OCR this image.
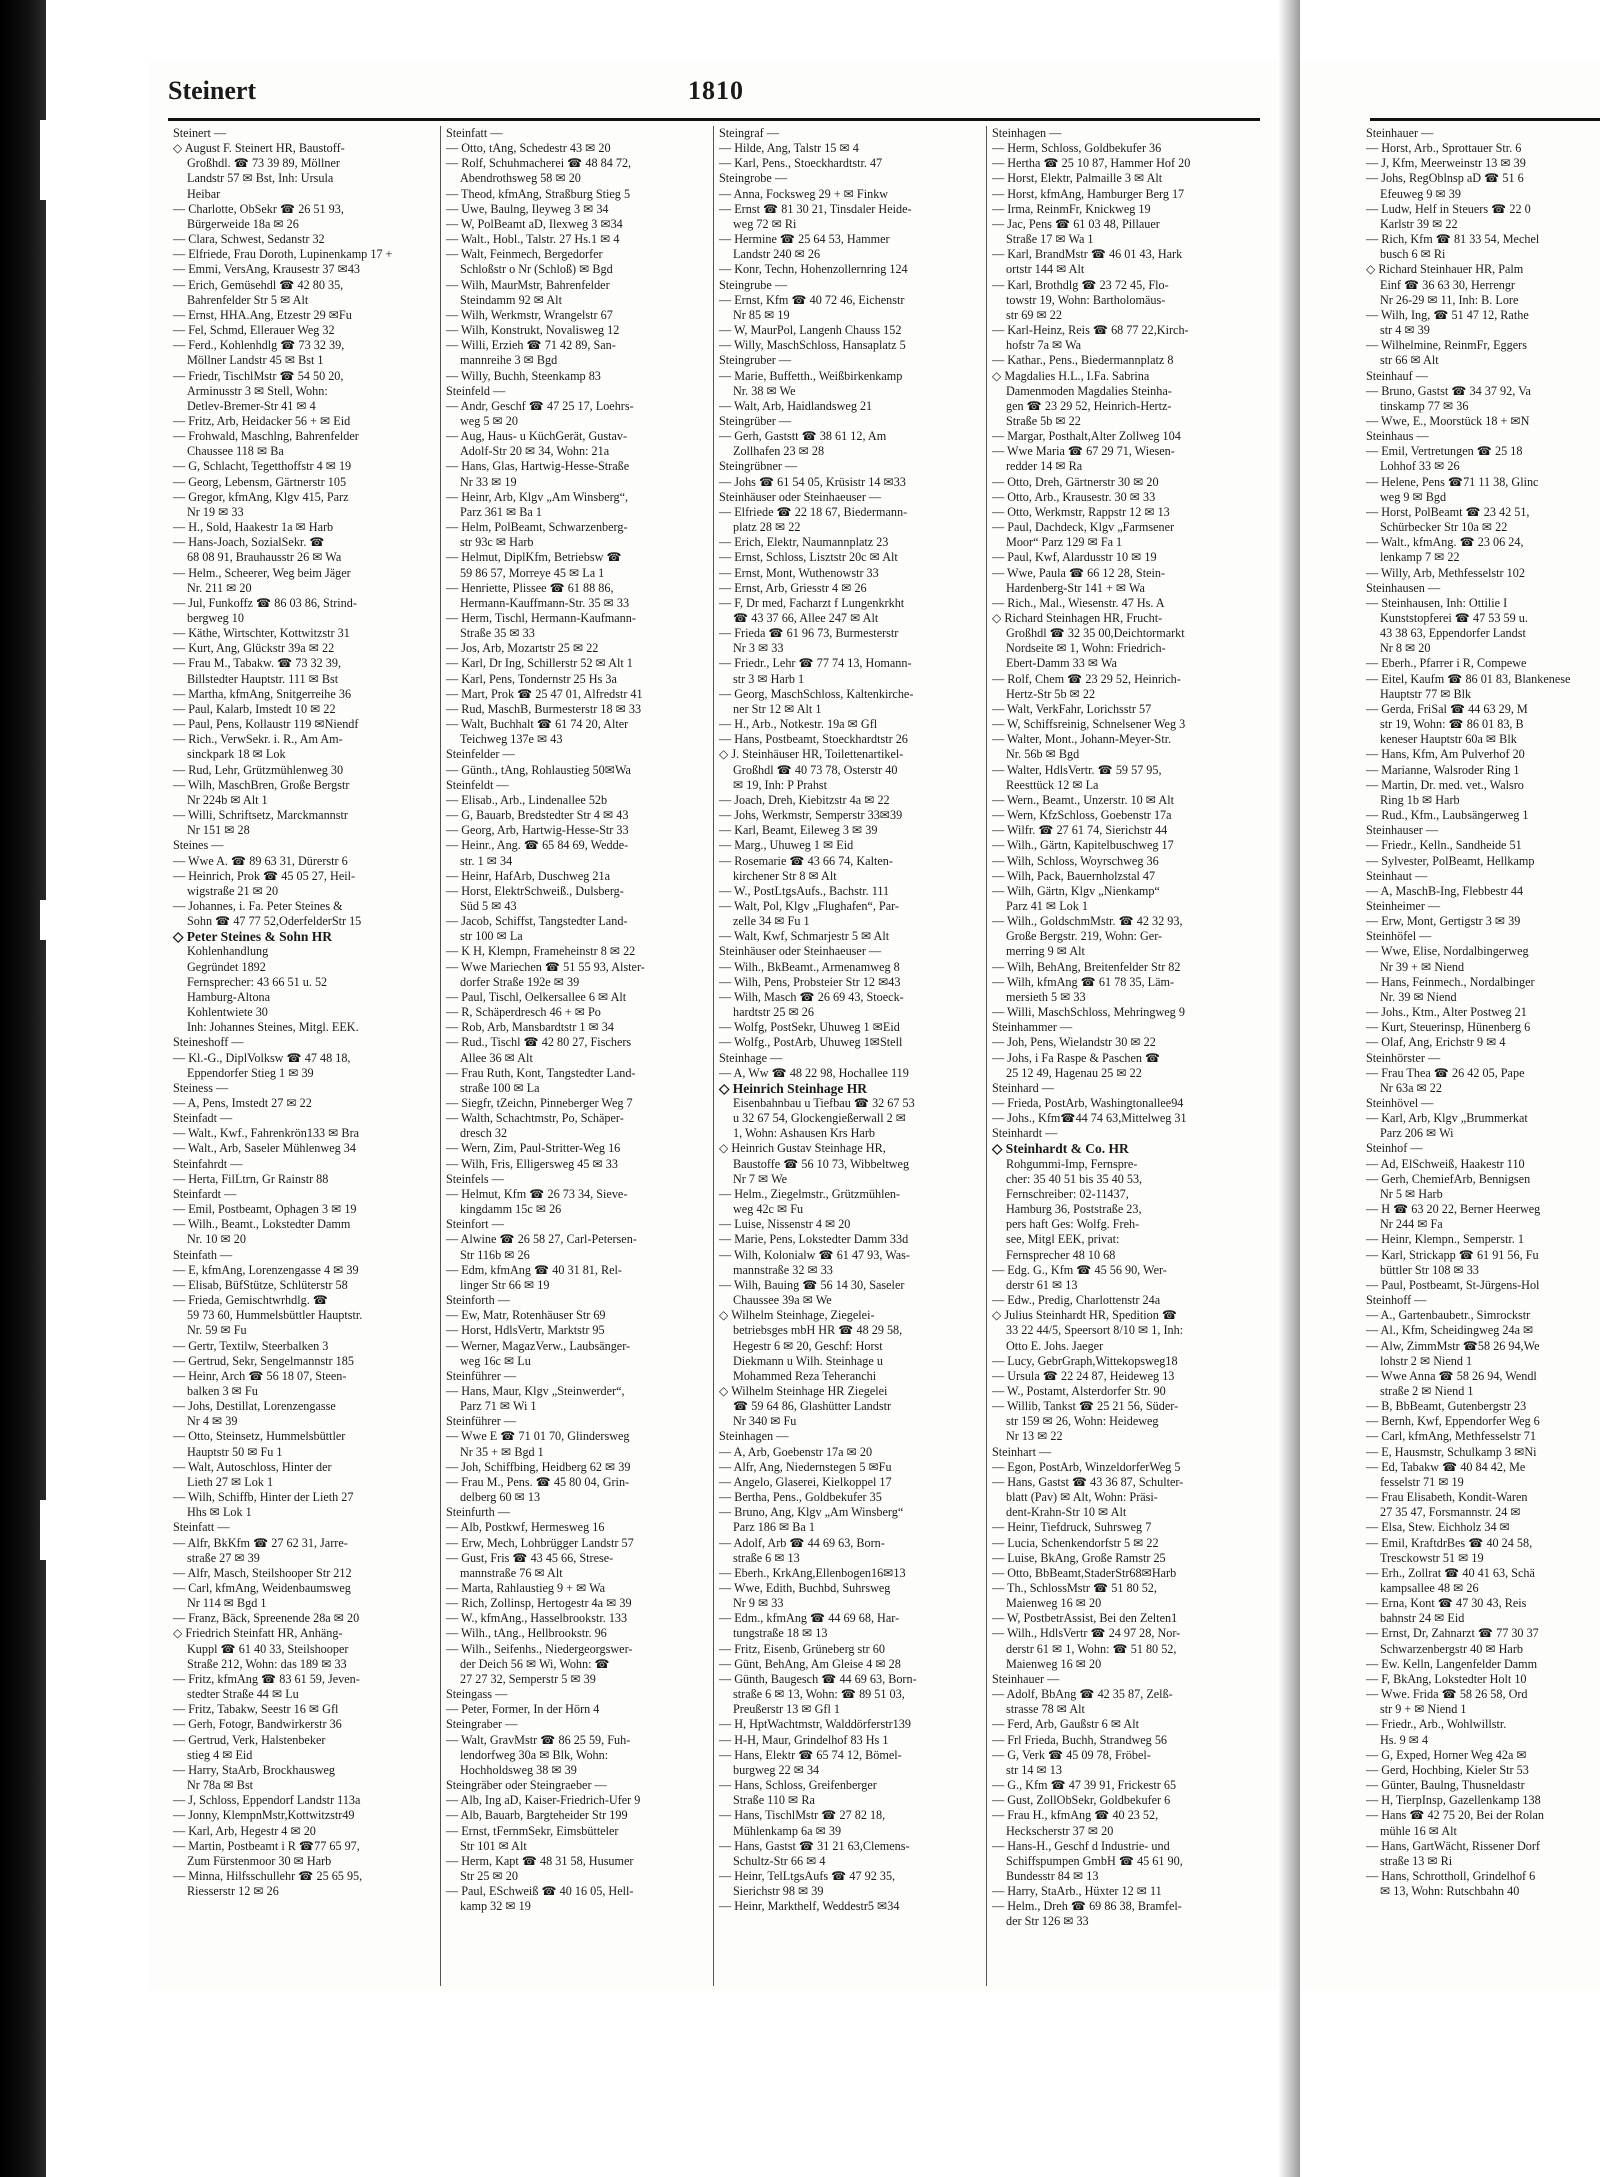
Steinert	1810
Steinert —
◇ August F. Steinert HR, Baustoff-
Großhdl. ☎ 73 39 89, Möllner
Landstr 57 ✉ Bst, Inh: Ursula
Heibar
— Charlotte, ObSekr ☎ 26 51 93,
Bürgerweide 18a ✉ 26
— Clara, Schwest, Sedanstr 32
— Elfriede, Frau Doroth, Lupinenkamp 17 +
— Emmi, VersAng, Krausestr 37 ✉43
— Erich, Gemüsehdl ☎ 42 80 35,
Bahrenfelder Str 5 ✉ Alt
— Ernst, HHA.Ang, Etzestr 29 ✉Fu
— Fel, Schmd, Ellerauer Weg 32
— Ferd., Kohlenhdlg ☎ 73 32 39,
Möllner Landstr 45 ✉ Bst 1
— Friedr, TischlMstr ☎ 54 50 20,
Arminusstr 3 ✉ Stell, Wohn:
Detlev-Bremer-Str 41 ✉ 4
— Fritz, Arb, Heidacker 56 + ✉ Eid
— Frohwald, Maschlng, Bahrenfelder
Chaussee 118 ✉ Ba
— G, Schlacht, Tegetthoffstr 4 ✉ 19
— Georg, Lebensm, Gärtnerstr 105
— Gregor, kfmAng, Klgv 415, Parz
Nr 19 ✉ 33
— H., Sold, Haakestr 1a ✉ Harb
— Hans-Joach, SozialSekr. ☎
68 08 91, Brauhausstr 26 ✉ Wa
— Helm., Scheerer, Weg beim Jäger
Nr. 211 ✉ 20
— Jul, Funkoffz ☎ 86 03 86, Strind-
bergweg 10
— Käthe, Wirtschter, Kottwitzstr 31
— Kurt, Ang, Glückstr 39a ✉ 22
— Frau M., Tabakw. ☎ 73 32 39,
Billstedter Hauptstr. 111 ✉ Bst
— Martha, kfmAng, Snitgerreihe 36
— Paul, Kalarb, Imstedt 10 ✉ 22
— Paul, Pens, Kollaustr 119 ✉Niendf
— Rich., VerwSekr. i. R., Am Am-
sinckpark 18 ✉ Lok
— Rud, Lehr, Grützmühlenweg 30
— Wilh, MaschBren, Große Bergstr
Nr 224b ✉ Alt 1
— Willi, Schriftsetz, Marckmannstr
Nr 151 ✉ 28
Steines —
— Wwe A. ☎ 89 63 31, Dürerstr 6
— Heinrich, Prok ☎ 45 05 27, Heil-
wigstraße 21 ✉ 20
— Johannes, i. Fa. Peter Steines &
Sohn ☎ 47 77 52,OderfelderStr 15
◇ Peter Steines & Sohn HR
Kohlenhandlung
Gegründet 1892
Fernsprecher: 43 66 51 u. 52
Hamburg-Altona
Kohlentwiete 30
Inh: Johannes Steines, Mitgl. EEK.
Steineshoff —
— Kl.-G., DiplVolksw ☎ 47 48 18,
Eppendorfer Stieg 1 ✉ 39
Steiness —
— A, Pens, Imstedt 27 ✉ 22
Steinfadt —
— Walt., Kwf., Fahrenkrön133 ✉ Bra
— Walt., Arb, Saseler Mühlenweg 34
Steinfahrdt —
— Herta, FilLtrn, Gr Rainstr 88
Steinfardt —
— Emil, Postbeamt, Ophagen 3 ✉ 19
— Wilh., Beamt., Lokstedter Damm
Nr. 10 ✉ 20
Steinfath —
— E, kfmAng, Lorenzengasse 4 ✉ 39
— Elisab, BüfStütze, Schlüterstr 58
— Frieda, Gemischtwrhdlg. ☎
59 73 60, Hummelsbüttler Hauptstr.
Nr. 59 ✉ Fu
— Gertr, Textilw, Steerbalken 3
— Gertrud, Sekr, Sengelmannstr 185
— Heinr, Arch ☎ 56 18 07, Steen-
balken 3 ✉ Fu
— Johs, Destillat, Lorenzengasse
Nr 4 ✉ 39
— Otto, Steinsetz, Hummelsbüttler
Hauptstr 50 ✉ Fu 1
— Walt, Autoschloss, Hinter der
Lieth 27 ✉ Lok 1
— Wilh, Schiffb, Hinter der Lieth 27
Hhs ✉ Lok 1
Steinfatt —
— Alfr, BkKfm ☎ 27 62 31, Jarre-
straße 27 ✉ 39
— Alfr, Masch, Steilshooper Str 212
— Carl, kfmAng, Weidenbaumsweg
Nr 114 ✉ Bgd 1
— Franz, Bäck, Spreenende 28a ✉ 20
◇ Friedrich Steinfatt HR, Anhäng-
Kuppl ☎ 61 40 33, Steilshooper
Straße 212, Wohn: das 189 ✉ 33
— Fritz, kfmAng ☎ 83 61 59, Jeven-
stedter Straße 44 ✉ Lu
— Fritz, Tabakw, Seestr 16 ✉ Gfl
— Gerh, Fotogr, Bandwirkerstr 36
— Gertrud, Verk, Halstenbeker
stieg 4 ✉ Eid
— Harry, StaArb, Brockhausweg
Nr 78a ✉ Bst
— J, Schloss, Eppendorf Landstr 113a
— Jonny, KlempnMstr,Kottwitzstr49
— Karl, Arb, Hegestr 4 ✉ 20
— Martin, Postbeamt i R ☎77 65 97,
Zum Fürstenmoor 30 ✉ Harb
— Minna, Hilfsschullehr ☎ 25 65 95,
Riesserstr 12 ✉ 26
Steinfatt —
— Otto, tAng, Schedestr 43 ✉ 20
— Rolf, Schuhmacherei ☎ 48 84 72,
Abendrothsweg 58 ✉ 20
— Theod, kfmAng, Straßburg Stieg 5
— Uwe, Baulng, Ileyweg 3 ✉ 34
— W, PolBeamt aD, Ilexweg 3 ✉34
— Walt., Hobl., Talstr. 27 Hs.1 ✉ 4
— Walt, Feinmech, Bergedorfer
Schloßstr o Nr (Schloß) ✉ Bgd
— Wilh, MaurMstr, Bahrenfelder
Steindamm 92 ✉ Alt
— Wilh, Werkmstr, Wrangelstr 67
— Wilh, Konstrukt, Novalisweg 12
— Willi, Erzieh ☎ 71 42 89, San-
mannreihe 3 ✉ Bgd
— Willy, Buchh, Steenkamp 83
Steinfeld —
— Andr, Geschf ☎ 47 25 17, Loehrs-
weg 5 ✉ 20
— Aug, Haus- u KüchGerät, Gustav-
Adolf-Str 20 ✉ 34, Wohn: 21a
— Hans, Glas, Hartwig-Hesse-Straße
Nr 33 ✉ 19
— Heinr, Arb, Klgv „Am Winsberg“,
Parz 361 ✉ Ba 1
— Helm, PolBeamt, Schwarzenberg-
str 93c ✉ Harb
— Helmut, DiplKfm, Betriebsw ☎
59 86 57, Morreye 45 ✉ La 1
— Henriette, Plissee ☎ 61 88 86,
Hermann-Kauffmann-Str. 35 ✉ 33
— Herm, Tischl, Hermann-Kaufmann-
Straße 35 ✉ 33
— Jos, Arb, Mozartstr 25 ✉ 22
— Karl, Dr Ing, Schillerstr 52 ✉ Alt 1
— Karl, Pens, Tondernstr 25 Hs 3a
— Mart, Prok ☎ 25 47 01, Alfredstr 41
— Rud, MaschB, Burmesterstr 18 ✉ 33
— Walt, Buchhalt ☎ 61 74 20, Alter
Teichweg 137e ✉ 43
Steinfelder —
— Günth., tAng, Rohlaustieg 50✉Wa
Steinfeldt —
— Elisab., Arb., Lindenallee 52b
— G, Bauarb, Bredstedter Str 4 ✉ 43
— Georg, Arb, Hartwig-Hesse-Str 33
— Heinr., Ang. ☎ 65 84 69, Wedde-
str. 1 ✉ 34
— Heinr, HafArb, Duschweg 21a
— Horst, ElektrSchweiß., Dulsberg-
Süd 5 ✉ 43
— Jacob, Schiffst, Tangstedter Land-
str 100 ✉ La
— K H, Klempn, Frameheinstr 8 ✉ 22
— Wwe Mariechen ☎ 51 55 93, Alster-
dorfer Straße 192e ✉ 39
— Paul, Tischl, Oelkersallee 6 ✉ Alt
— R, Schäperdresch 46 + ✉ Po
— Rob, Arb, Mansbardtstr 1 ✉ 34
— Rud., Tischl ☎ 42 80 27, Fischers
Allee 36 ✉ Alt
— Frau Ruth, Kont, Tangstedter Land-
straße 100 ✉ La
— Siegfr, tZeichn, Pinneberger Weg 7
— Walth, Schachtmstr, Po, Schäper-
dresch 32
— Wern, Zim, Paul-Stritter-Weg 16
— Wilh, Fris, Elligersweg 45 ✉ 33
Steinfels —
— Helmut, Kfm ☎ 26 73 34, Sieve-
kingdamm 15c ✉ 26
Steinfort —
— Alwine ☎ 26 58 27, Carl-Petersen-
Str 116b ✉ 26
— Edm, kfmAng ☎ 40 31 81, Rel-
linger Str 66 ✉ 19
Steinforth —
— Ew, Matr, Rotenhäuser Str 69
— Horst, HdlsVertr, Marktstr 95
— Werner, MagazVerw., Laubsänger-
weg 16c ✉ Lu
Steinführer —
— Hans, Maur, Klgv „Steinwerder“,
Parz 71 ✉ Wi 1
Steinführer —
— Wwe E ☎ 71 01 70, Glindersweg
Nr 35 + ✉ Bgd 1
— Joh, Schiffbing, Heidberg 62 ✉ 39
— Frau M., Pens. ☎ 45 80 04, Grin-
delberg 60 ✉ 13
Steinfurth —
— Alb, Postkwf, Hermesweg 16
— Erw, Mech, Lohbrügger Landstr 57
— Gust, Fris ☎ 43 45 66, Strese-
mannstraße 76 ✉ Alt
— Marta, Rahlaustieg 9 + ✉ Wa
— Rich, Zollinsp, Hertogestr 4a ✉ 39
— W., kfmAng., Hasselbrookstr. 133
— Wilh., tAng., Hellbrookstr. 96
— Wilh., Seifenhs., Niedergeorgswer-
der Deich 56 ✉ Wi, Wohn: ☎
27 27 32, Semperstr 5 ✉ 39
Steingass —
— Peter, Former, In der Hörn 4
Steingraber —
— Walt, GravMstr ☎ 86 25 59, Fuh-
lendorfweg 30a ✉ Blk, Wohn:
Hochholdsweg 38 ✉ 39
Steingräber oder Steingraeber —
— Alb, Ing aD, Kaiser-Friedrich-Ufer 9
— Alb, Bauarb, Bargteheider Str 199
— Ernst, tFernmSekr, Eimsbütteler
Str 101 ✉ Alt
— Herm, Kapt ☎ 48 31 58, Husumer
Str 25 ✉ 20
— Paul, ESchweiß ☎ 40 16 05, Hell-
kamp 32 ✉ 19
Steingraf —
— Hilde, Ang, Talstr 15 ✉ 4
— Karl, Pens., Stoeckhardtstr. 47
Steingrobe —
— Anna, Focksweg 29 + ✉ Finkw
— Ernst ☎ 81 30 21, Tinsdaler Heide-
weg 72 ✉ Ri
— Hermine ☎ 25 64 53, Hammer
Landstr 240 ✉ 26
— Konr, Techn, Hohenzollernring 124
Steingrube —
— Ernst, Kfm ☎ 40 72 46, Eichenstr
Nr 85 ✉ 19
— W, MaurPol, Langenh Chauss 152
— Willy, MaschSchloss, Hansaplatz 5
Steingruber —
— Marie, Buffetth., Weißbirkenkamp
Nr. 38 ✉ We
— Walt, Arb, Haidlandsweg 21
Steingrüber —
— Gerh, Gaststt ☎ 38 61 12, Am
Zollhafen 23 ✉ 28
Steingrübner —
— Johs ☎ 61 54 05, Krüsistr 14 ✉33
Steinhäuser oder Steinhaeuser —
— Elfriede ☎ 22 18 67, Biedermann-
platz 28 ✉ 22
— Erich, Elektr, Naumannplatz 23
— Ernst, Schloss, Lisztstr 20c ✉ Alt
— Ernst, Mont, Wuthenowstr 33
— Ernst, Arb, Griesstr 4 ✉ 26
— F, Dr med, Facharzt f Lungenkrkht
☎ 43 37 66, Allee 247 ✉ Alt
— Frieda ☎ 61 96 73, Burmesterstr
Nr 3 ✉ 33
— Friedr., Lehr ☎ 77 74 13, Homann-
str 3 ✉ Harb 1
— Georg, MaschSchloss, Kaltenkirche-
ner Str 12 ✉ Alt 1
— H., Arb., Notkestr. 19a ✉ Gfl
— Hans, Postbeamt, Stoeckhardtstr 26
◇ J. Steinhäuser HR, Toilettenartikel-
Großhdl ☎ 40 73 78, Osterstr 40
✉ 19, Inh: P Prahst
— Joach, Dreh, Kiebitzstr 4a ✉ 22
— Johs, Werkmstr, Semperstr 33✉39
— Karl, Beamt, Eileweg 3 ✉ 39
— Marg., Uhuweg 1 ✉ Eid
— Rosemarie ☎ 43 66 74, Kalten-
kirchener Str 8 ✉ Alt
— W., PostLtgsAufs., Bachstr. 111
— Walt, Pol, Klgv „Flughafen“, Par-
zelle 34 ✉ Fu 1
— Walt, Kwf, Schmarjestr 5 ✉ Alt
Steinhäuser oder Steinhaeuser —
— Wilh., BkBeamt., Armenamweg 8
— Wilh, Pens, Probsteier Str 12 ✉43
— Wilh, Masch ☎ 26 69 43, Stoeck-
hardtstr 25 ✉ 26
— Wolfg, PostSekr, Uhuweg 1 ✉Eid
— Wolfg., PostArb, Uhuweg 1✉Stell
Steinhage —
— A, Ww ☎ 48 22 98, Hochallee 119
◇ Heinrich Steinhage HR
Eisenbahnbau u Tiefbau ☎ 32 67 53
u 32 67 54, Glockengießerwall 2 ✉
1, Wohn: Ashausen Krs Harb
◇ Heinrich Gustav Steinhage HR,
Baustoffe ☎ 56 10 73, Wibbeltweg
Nr 7 ✉ We
— Helm., Ziegelmstr., Grützmühlen-
weg 42c ✉ Fu
— Luise, Nissenstr 4 ✉ 20
— Marie, Pens, Lokstedter Damm 33d
— Wilh, Kolonialw ☎ 61 47 93, Was-
mannstraße 32 ✉ 33
— Wilh, Bauing ☎ 56 14 30, Saseler
Chaussee 39a ✉ We
◇ Wilhelm Steinhage, Ziegelei-
betriebsges mbH HR ☎ 48 29 58,
Hegestr 6 ✉ 20, Geschf: Horst
Diekmann u Wilh. Steinhage u
Mohammed Reza Teheranchi
◇ Wilhelm Steinhage HR Ziegelei
☎ 59 64 86, Glashütter Landstr
Nr 340 ✉ Fu
Steinhagen —
— A, Arb, Goebenstr 17a ✉ 20
— Alfr, Ang, Niedernstegen 5 ✉Fu
— Angelo, Glaserei, Kielkoppel 17
— Bertha, Pens., Goldbekufer 35
— Bruno, Ang, Klgv „Am Winsberg“
Parz 186 ✉ Ba 1
— Adolf, Arb ☎ 44 69 63, Born-
straße 6 ✉ 13
— Eberh., KrkAng,Ellenbogen16✉13
— Wwe, Edith, Buchbd, Suhrsweg
Nr 9 ✉ 33
— Edm., kfmAng ☎ 44 69 68, Har-
tungstraße 18 ✉ 13
— Fritz, Eisenb, Grüneberg str 60
— Günt, BehAng, Am Gleise 4 ✉ 28
— Günth, Baugesch ☎ 44 69 63, Born-
straße 6 ✉ 13, Wohn: ☎ 89 51 03,
Preußerstr 13 ✉ Gfl 1
— H, HptWachtmstr, Walddörferstr139
— H-H, Maur, Grindelhof 83 Hs 1
— Hans, Elektr ☎ 65 74 12, Bömel-
burgweg 22 ✉ 34
— Hans, Schloss, Greifenberger
Straße 110 ✉ Ra
— Hans, TischlMstr ☎ 27 82 18,
Mühlenkamp 6a ✉ 39
— Hans, Gastst ☎ 31 21 63,Clemens-
Schultz-Str 66 ✉ 4
— Heinr, TelLtgsAufs ☎ 47 92 35,
Sierichstr 98 ✉ 39
— Heinr, Markthelf, Weddestr5 ✉34
Steinhagen —
— Herm, Schloss, Goldbekufer 36
— Hertha ☎ 25 10 87, Hammer Hof 20
— Horst, Elektr, Palmaille 3 ✉ Alt
— Horst, kfmAng, Hamburger Berg 17
— Irma, ReinmFr, Knickweg 19
— Jac, Pens ☎ 61 03 48, Pillauer
Straße 17 ✉ Wa 1
— Karl, BrandMstr ☎ 46 01 43, Hark
ortstr 144 ✉ Alt
— Karl, Brothdlg ☎ 23 72 45, Flo-
towstr 19, Wohn: Bartholomäus-
str 69 ✉ 22
— Karl-Heinz, Reis ☎ 68 77 22,Kirch-
hofstr 7a ✉ Wa
— Kathar., Pens., Biedermannplatz 8
◇ Magdalies H.L., I.Fa. Sabrina
Damenmoden Magdalies Steinha-
gen ☎ 23 29 52, Heinrich-Hertz-
Straße 5b ✉ 22
— Margar, Posthalt,Alter Zollweg 104
— Wwe Maria ☎ 67 29 71, Wiesen-
redder 14 ✉ Ra
— Otto, Dreh, Gärtnerstr 30 ✉ 20
— Otto, Arb., Krausestr. 30 ✉ 33
— Otto, Werkmstr, Rappstr 12 ✉ 13
— Paul, Dachdeck, Klgv „Farmsener
Moor“ Parz 129 ✉ Fa 1
— Paul, Kwf, Alardusstr 10 ✉ 19
— Wwe, Paula ☎ 66 12 28, Stein-
Hardenberg-Str 141 + ✉ Wa
— Rich., Mal., Wiesenstr. 47 Hs. A
◇ Richard Steinhagen HR, Frucht-
Großhdl ☎ 32 35 00,Deichtormarkt
Nordseite ✉ 1, Wohn: Friedrich-
Ebert-Damm 33 ✉ Wa
— Rolf, Chem ☎ 23 29 52, Heinrich-
Hertz-Str 5b ✉ 22
— Walt, VerkFahr, Lorichsstr 57
— W, Schiffsreinig, Schnelsener Weg 3
— Walter, Mont., Johann-Meyer-Str.
Nr. 56b ✉ Bgd
— Walter, HdlsVertr. ☎ 59 57 95,
Reesttück 12 ✉ La
— Wern., Beamt., Unzerstr. 10 ✉ Alt
— Wern, KfzSchloss, Goebenstr 17a
— Wilfr. ☎ 27 61 74, Sierichstr 44
— Wilh., Gärtn, Kapitelbuschweg 17
— Wilh, Schloss, Woyrschweg 36
— Wilh, Pack, Bauernholzstal 47
— Wilh, Gärtn, Klgv „Nienkamp“
Parz 41 ✉ Lok 1
— Wilh., GoldschmMstr. ☎ 42 32 93,
Große Bergstr. 219, Wohn: Ger-
merring 9 ✉ Alt
— Wilh, BehAng, Breitenfelder Str 82
— Wilh, kfmAng ☎ 61 78 35, Läm-
mersieth 5 ✉ 33
— Willi, MaschSchloss, Mehringweg 9
Steinhammer —
— Joh, Pens, Wielandstr 30 ✉ 22
— Johs, i Fa Raspe & Paschen ☎
25 12 49, Hagenau 25 ✉ 22
Steinhard —
— Frieda, PostArb, Washingtonallee94
— Johs., Kfm☎44 74 63,Mittelweg 31
Steinhardt —
◇ Steinhardt & Co. HR
Rohgummi-Imp, Fernspre-
cher: 35 40 51 bis 35 40 53,
Fernschreiber: 02-11437,
Hamburg 36, Poststraße 23,
pers haft Ges: Wolfg. Freh-
see, Mitgl EEK, privat:
Fernsprecher 48 10 68
— Edg. G., Kfm ☎ 45 56 90, Wer-
derstr 61 ✉ 13
— Edw., Predig, Charlottenstr 24a
◇ Julius Steinhardt HR, Spedition ☎
33 22 44/5, Speersort 8/10 ✉ 1, Inh:
Otto E. Johs. Jaeger
— Lucy, GebrGraph,Wittekopsweg18
— Ursula ☎ 22 24 87, Heideweg 13
— W., Postamt, Alsterdorfer Str. 90
— Willib, Tankst ☎ 25 21 56, Süder-
str 159 ✉ 26, Wohn: Heideweg
Nr 13 ✉ 22
Steinhart —
— Egon, PostArb, WinzeldorferWeg 5
— Hans, Gastst ☎ 43 36 87, Schulter-
blatt (Pav) ✉ Alt, Wohn: Präsi-
dent-Krahn-Str 10 ✉ Alt
— Heinr, Tiefdruck, Suhrsweg 7
— Lucia, Schenkendorfstr 5 ✉ 22
— Luise, BkAng, Große Ramstr 25
— Otto, BbBeamt,StaderStr68✉Harb
— Th., SchlossMstr ☎ 51 80 52,
Maienweg 16 ✉ 20
— W, PostbetrAssist, Bei den Zelten1
— Wilh., HdlsVertr ☎ 24 97 28, Nor-
derstr 61 ✉ 1, Wohn: ☎ 51 80 52,
Maienweg 16 ✉ 20
Steinhauer —
— Adolf, BbAng ☎ 42 35 87, Zelß-
strasse 78 ✉ Alt
— Ferd, Arb, Gaußstr 6 ✉ Alt
— Frl Frieda, Buchh, Strandweg 56
— G, Verk ☎ 45 09 78, Fröbel-
str 14 ✉ 13
— G., Kfm ☎ 47 39 91, Frickestr 65
— Gust, ZollObSekr, Goldbekufer 6
— Frau H., kfmAng ☎ 40 23 52,
Heckscherstr 37 ✉ 20
— Hans-H., Geschf d Industrie- und
Schiffspumpen GmbH ☎ 45 61 90,
Bundesstr 84 ✉ 13
— Harry, StaArb., Hüxter 12 ✉ 11
— Helm., Dreh ☎ 69 86 38, Bramfel-
der Str 126 ✉ 33
Steinhauer —
— Horst, Arb., Sprottauer Str. 6
— J, Kfm, Meerweinstr 13 ✉ 39
— Johs, RegOblnsp aD ☎ 51 6
Efeuweg 9 ✉ 39
— Ludw, Helf in Steuers ☎ 22 0
Karlstr 39 ✉ 22
— Rich, Kfm ☎ 81 33 54, Mechel
busch 6 ✉ Ri
◇ Richard Steinhauer HR, Palm
Einf ☎ 36 63 30, Herrengr
Nr 26-29 ✉ 11, Inh: B. Lore
— Wilh, Ing, ☎ 51 47 12, Rathe
str 4 ✉ 39
— Wilhelmine, ReinmFr, Eggers
str 66 ✉ Alt
Steinhauf —
— Bruno, Gastst ☎ 34 37 92, Va
tinskamp 77 ✉ 36
— Wwe, E., Moorstück 18 + ✉N
Steinhaus —
— Emil, Vertretungen ☎ 25 18
Lohhof 33 ✉ 26
— Helene, Pens ☎71 11 38, Glinc
weg 9 ✉ Bgd
— Horst, PolBeamt ☎ 23 42 51,
Schürbecker Str 10a ✉ 22
— Walt., kfmAng. ☎ 23 06 24,
lenkamp 7 ✉ 22
— Willy, Arb, Methfesselstr 102
Steinhausen —
— Steinhausen, Inh: Ottilie I
Kunststopferei ☎ 47 53 59 u.
43 38 63, Eppendorfer Landst
Nr 8 ✉ 20
— Eberh., Pfarrer i R, Compewe
— Eitel, Kaufm ☎ 86 01 83, Blankenese
Hauptstr 77 ✉ Blk
— Gerda, FriSal ☎ 44 63 29, M
str 19, Wohn: ☎ 86 01 83, B
keneser Hauptstr 60a ✉ Blk
— Hans, Kfm, Am Pulverhof 20
— Marianne, Walsroder Ring 1
— Martin, Dr. med. vet., Walsro
Ring 1b ✉ Harb
— Rud., Kfm., Laubsängerweg 1
Steinhauser —
— Friedr., Kelln., Sandheide 51
— Sylvester, PolBeamt, Hellkamp
Steinhaut —
— A, MaschB-Ing, Flebbestr 44
Steinheimer —
— Erw, Mont, Gertigstr 3 ✉ 39
Steinhöfel —
— Wwe, Elise, Nordalbingerweg
Nr 39 + ✉ Niend
— Hans, Feinmech., Nordalbinger
Nr. 39 ✉ Niend
— Johs., Ktm., Alter Postweg 21
— Kurt, Steuerinsp, Hünenberg 6
— Olaf, Ang, Erichstr 9 ✉ 4
Steinhörster —
— Frau Thea ☎ 26 42 05, Pape
Nr 63a ✉ 22
Steinhövel —
— Karl, Arb, Klgv „Brummerkat
Parz 206 ✉ Wi
Steinhof —
— Ad, ElSchweiß, Haakestr 110
— Gerh, ChemiefArb, Bennigsen
Nr 5 ✉ Harb
— H ☎ 63 20 22, Berner Heerweg
Nr 244 ✉ Fa
— Heinr, Klempn., Semperstr. 1
— Karl, Strickapp ☎ 61 91 56, Fu
büttler Str 108 ✉ 33
— Paul, Postbeamt, St-Jürgens-Hol
Steinhoff —
— A., Gartenbaubetr., Simrockstr
— Al., Kfm, Scheidingweg 24a ✉
— Alw, ZimmMstr ☎58 26 94,We
lohstr 2 ✉ Niend 1
— Wwe Anna ☎ 58 26 94, Wendl
straße 2 ✉ Niend 1
— B, BbBeamt, Gutenbergstr 23
— Bernh, Kwf, Eppendorfer Weg 6
— Carl, kfmAng, Methfesselstr 71
— E, Hausmstr, Schulkamp 3 ✉Ni
— Ed, Tabakw ☎ 40 84 42, Me
fesselstr 71 ✉ 19
— Frau Elisabeth, Kondit-Waren
27 35 47, Forsmannstr. 24 ✉
— Elsa, Stew. Eichholz 34 ✉
— Emil, KraftdrBes ☎ 40 24 58,
Tresckowstr 51 ✉ 19
— Erh., Zollrat ☎ 40 41 63, Schä
kampsallee 48 ✉ 26
— Erna, Kont ☎ 47 30 43, Reis
bahnstr 24 ✉ Eid
— Ernst, Dr, Zahnarzt ☎ 77 30 37
Schwarzenbergstr 40 ✉ Harb
— Ew. Kelln, Langenfelder Damm
— F, BkAng, Lokstedter Holt 10
— Wwe. Frida ☎ 58 26 58, Ord
str 9 + ✉ Niend 1
— Friedr., Arb., Wohlwillstr.
Hs. 9 ✉ 4
— G, Exped, Horner Weg 42a ✉
— Gerd, Hochbing, Kieler Str 53
— Günter, Baulng, Thusneldastr
— H, TierpInsp, Gazellenkamp 138
— Hans ☎ 42 75 20, Bei der Rolan
mühle 16 ✉ Alt
— Hans, GartWächt, Rissener Dorf
straße 13 ✉ Ri
— Hans, Schrottholl, Grindelhof 6
✉ 13, Wohn: Rutschbahn 40
